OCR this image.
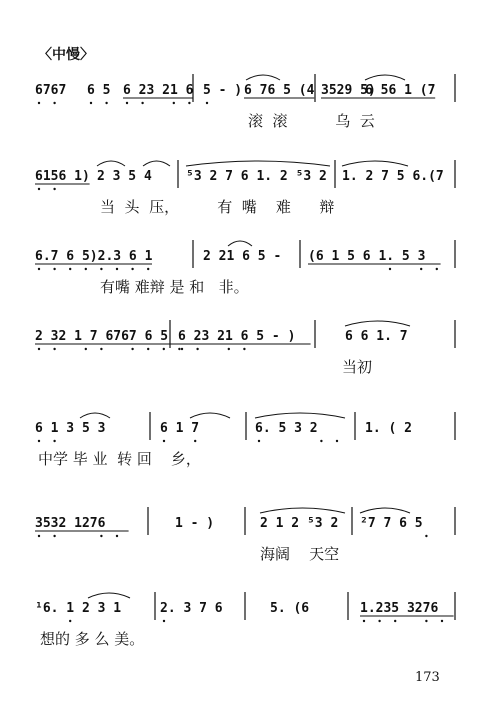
〈中慢〉
6767 6 5 6 23 21 6 5 - ) 6 76 5 (4 3529 5)
6 56 1 (7
滚  滚          乌  云
6156 1) 2 3 5 4	⁵3 2 7 6 1. 2 ⁵3 2 1. 2 7 5 6.(7
当  头  压，        有  嘴    难      辩
6.7 6 5)2.3 6 1	2 21 6 5 - (6 1 5 6 1. 5 3
有嘴 难辩 是 和   非。
2 32 1 7 6767 6 5 6 23 21 6 5 - )	6 6 1. 7
当初
6 1 3 5 3	6 1 7	6. 5 3 2	1. ( 2
中学 毕 业  转 回    乡，
3532 1276	1 - )	2 1 2 ⁵3 2 ²7 7 6 5
海阔    天空
¹6. 1 2 3 1	2. 3 7 6	5. (6	1.235 3276
想的 多 么 美。
173
